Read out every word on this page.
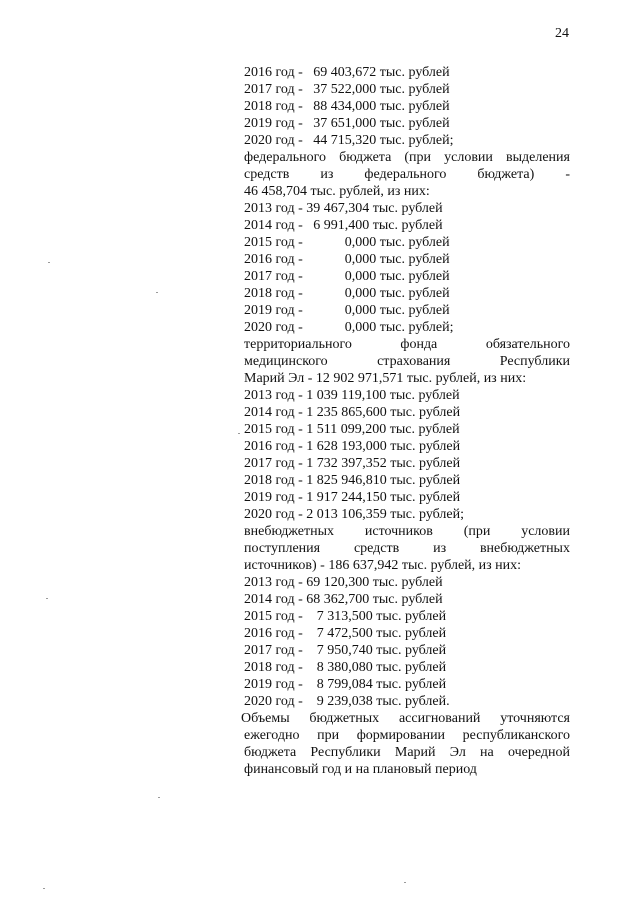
24
2016 год -   69 403,672 тыс. рублей
2017 год -   37 522,000 тыс. рублей
2018 год -   88 434,000 тыс. рублей
2019 год -   37 651,000 тыс. рублей
2020 год -   44 715,320 тыс. рублей;
федерального бюджета (при условии выделения
средств из федерального бюджета) -
46 458,704 тыс. рублей, из них:
2013 год - 39 467,304 тыс. рублей
2014 год -   6 991,400 тыс. рублей
2015 год -            0,000 тыс. рублей
2016 год -            0,000 тыс. рублей
2017 год -            0,000 тыс. рублей
2018 год -            0,000 тыс. рублей
2019 год -            0,000 тыс. рублей
2020 год -            0,000 тыс. рублей;
территориального	фонда	обязательного
медицинского	страхования	Республики
Марий Эл - 12 902 971,571 тыс. рублей, из них:
2013 год - 1 039 119,100 тыс. рублей
2014 год - 1 235 865,600 тыс. рублей
2015 год - 1 511 099,200 тыс. рублей
2016 год - 1 628 193,000 тыс. рублей
2017 год - 1 732 397,352 тыс. рублей
2018 год - 1 825 946,810 тыс. рублей
2019 год - 1 917 244,150 тыс. рублей
2020 год - 2 013 106,359 тыс. рублей;
внебюджетных источников (при условии
поступления средств из внебюджетных
источников) - 186 637,942 тыс. рублей, из них:
2013 год - 69 120,300 тыс. рублей
2014 год - 68 362,700 тыс. рублей
2015 год -    7 313,500 тыс. рублей
2016 год -    7 472,500 тыс. рублей
2017 год -    7 950,740 тыс. рублей
2018 год -    8 380,080 тыс. рублей
2019 год -    8 799,084 тыс. рублей
2020 год -    9 239,038 тыс. рублей.
Объемы бюджетных ассигнований уточняются ежегодно при формировании республиканского бюджета Республики Марий Эл на очередной финансовый год и на плановый период
